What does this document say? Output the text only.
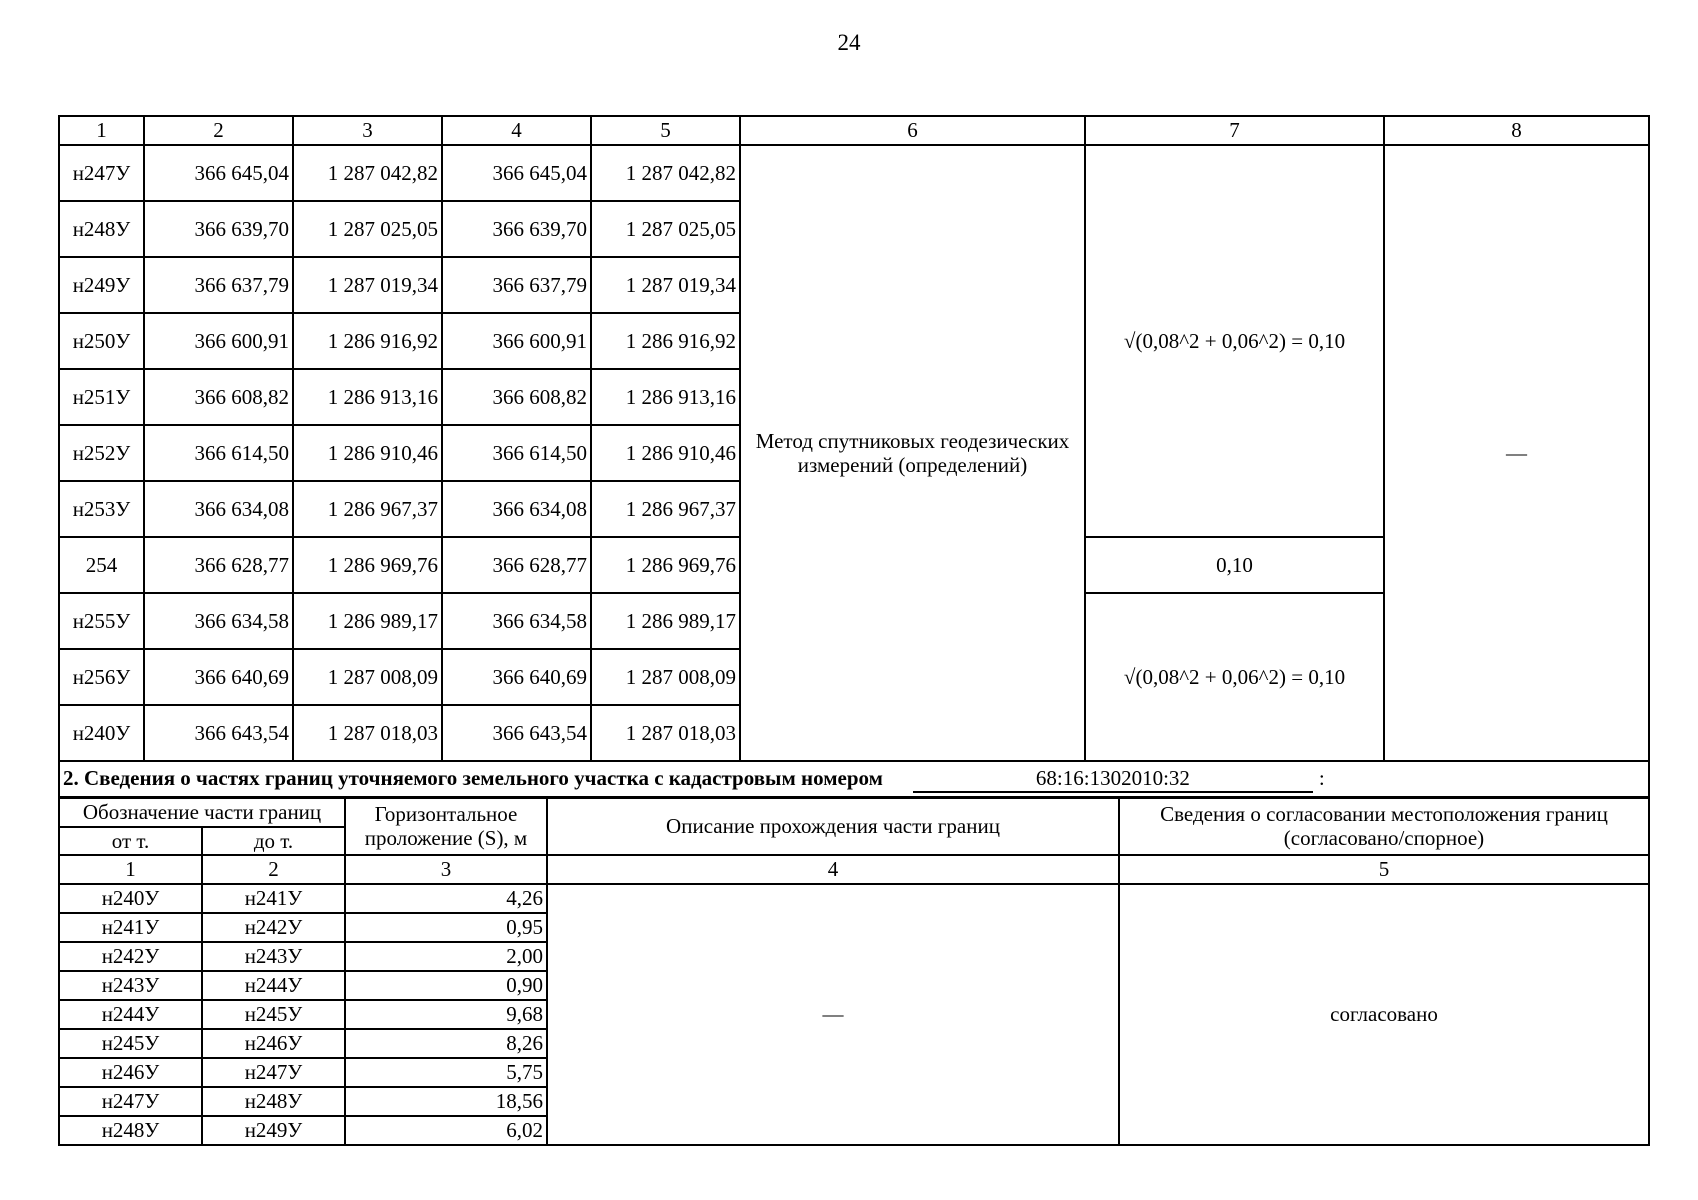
24
1	2	3	4	5	6	7	8
н247У	366 645,04	1 287 042,82	366 645,04	1 287 042,82	Метод спутниковых геодезических измерений (определений)	√(0,08^2 + 0,06^2) = 0,10	—
н248У	366 639,70	1 287 025,05	366 639,70	1 287 025,05			
н249У	366 637,79	1 287 019,34	366 637,79	1 287 019,34			
н250У	366 600,91	1 286 916,92	366 600,91	1 286 916,92			
н251У	366 608,82	1 286 913,16	366 608,82	1 286 913,16			
н252У	366 614,50	1 286 910,46	366 614,50	1 286 910,46			
н253У	366 634,08	1 286 967,37	366 634,08	1 286 967,37			
254	366 628,77	1 286 969,76	366 628,77	1 286 969,76		0,10	
н255У	366 634,58	1 286 989,17	366 634,58	1 286 989,17		√(0,08^2 + 0,06^2) = 0,10	
н256У	366 640,69	1 287 008,09	366 640,69	1 287 008,09			
н240У	366 643,54	1 287 018,03	366 643,54	1 287 018,03			
2. Сведения о частях границ уточняемого земельного участка с кадастровым номером 68:16:1302010:32 :							
Обозначение части границ		Горизонтальное проложение (S), м	Описание прохождения части границ	Сведения о согласовании местоположения границ (согласовано/спорное)
от т.	до т.			
1	2	3	4	5
н240У	н241У	4,26	—	согласовано
н241У	н242У	0,95		
н242У	н243У	2,00		
н243У	н244У	0,90		
н244У	н245У	9,68		
н245У	н246У	8,26		
н246У	н247У	5,75		
н247У	н248У	18,56		
н248У	н249У	6,02		
